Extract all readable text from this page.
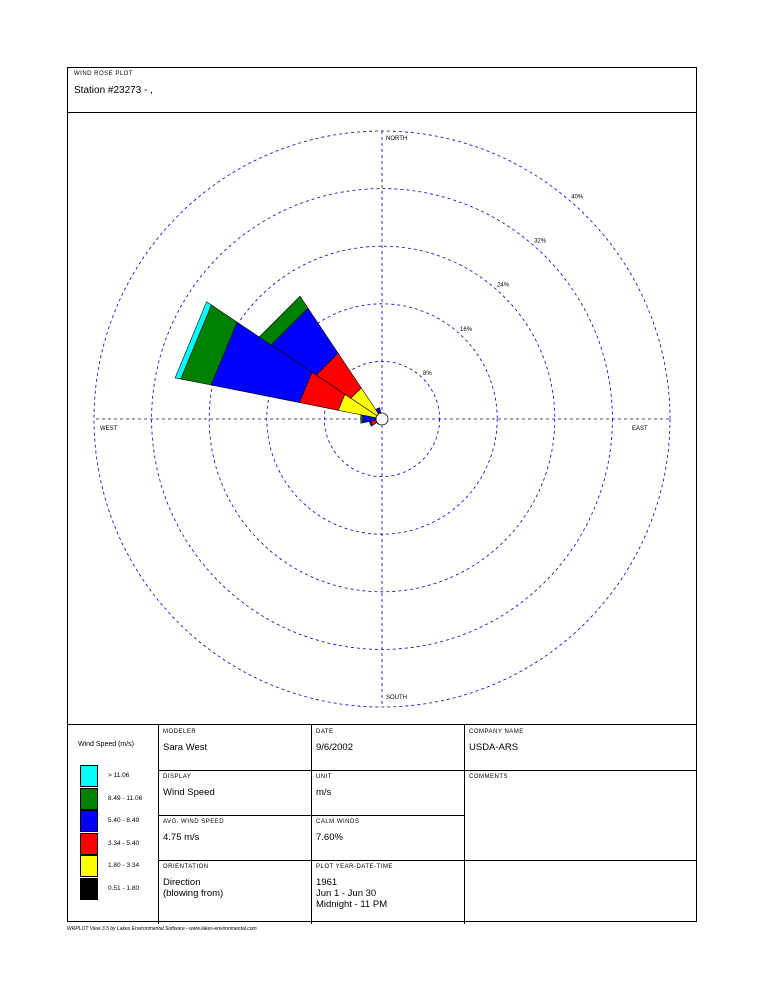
WIND ROSE PLOT
Station #23273 - ,
8%
16%
24%
32%
40%
NORTH
SOUTH
EAST
WEST
Wind Speed (m/s)
> 11.06
8.49 - 11.06
5.40 - 8.49
3.34 - 5.40
1.80 - 3.34
0.51 - 1.80
MODELER
Sara West
DATE
9/6/2002
COMPANY NAME
USDA-ARS
DISPLAY
Wind Speed
UNIT
m/s
COMMENTS
AVG. WIND SPEED
4.75 m/s
CALM WINDS
7.60%
ORIENTATION
Direction
(blowing from)
PLOT YEAR-DATE-TIME
1961
Jun 1 - Jun 30
Midnight - 11 PM
WRPLOT View 3.5 by Lakes Environmental Software - www.lakes-environmental.com
